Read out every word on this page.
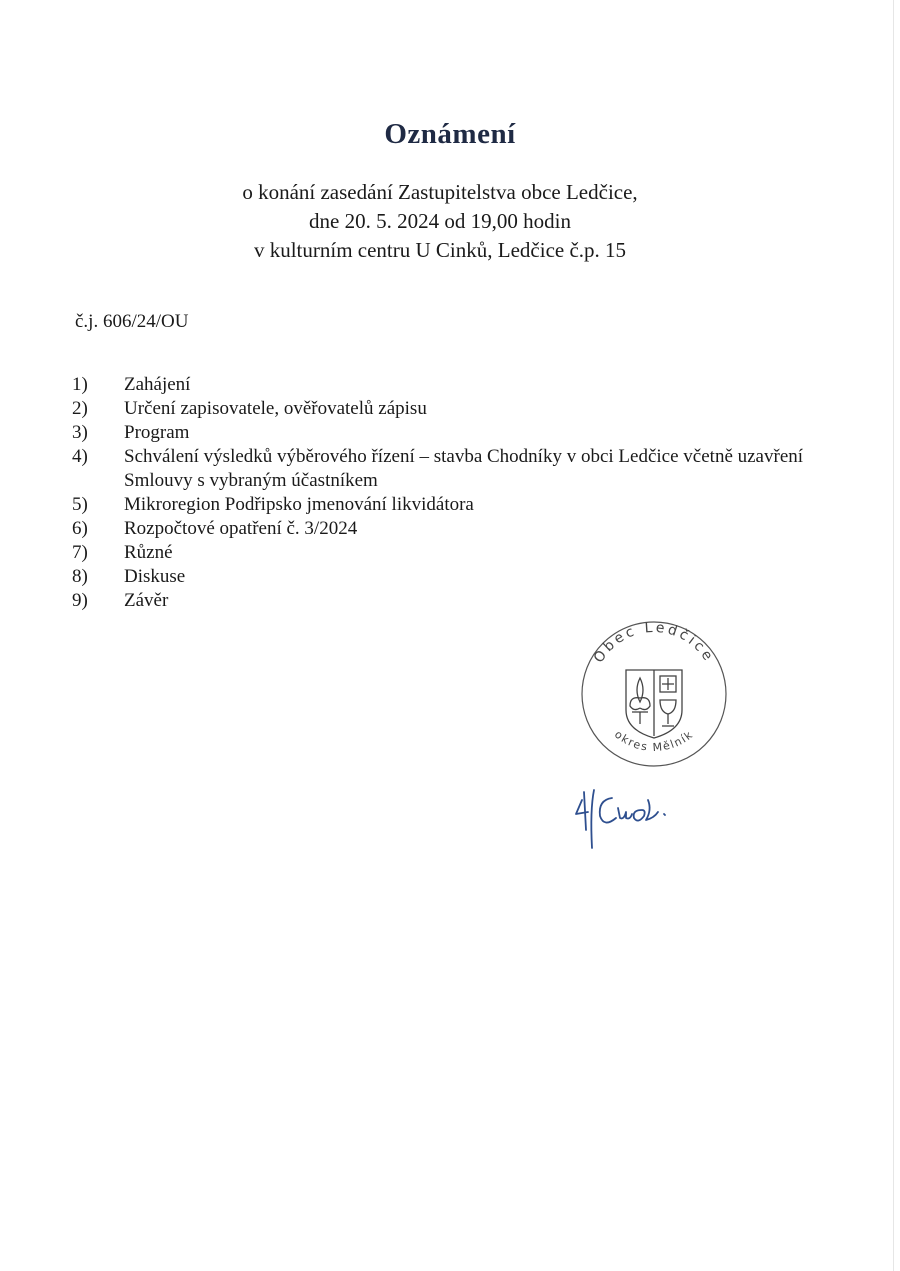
Oznámení
o konání zasedání Zastupitelstva obce Ledčice,
dne 20. 5. 2024 od 19,00 hodin
v kulturním centru U Cinků, Ledčice č.p. 15
č.j. 606/24/OU
1)	Zahájení
2)	Určení zapisovatele, ověřovatelů zápisu
3)	Program
4)	Schválení výsledků výběrového řízení – stavba Chodníky v obci Ledčice včetně uzavření Smlouvy s vybraným účastníkem
5)	Mikroregion Podřipsko jmenování likvidátora
6)	Rozpočtové opatření č. 3/2024
7)	Různé
8)	Diskuse
9)	Závěr
Obec Ledčice
okres Mělník
